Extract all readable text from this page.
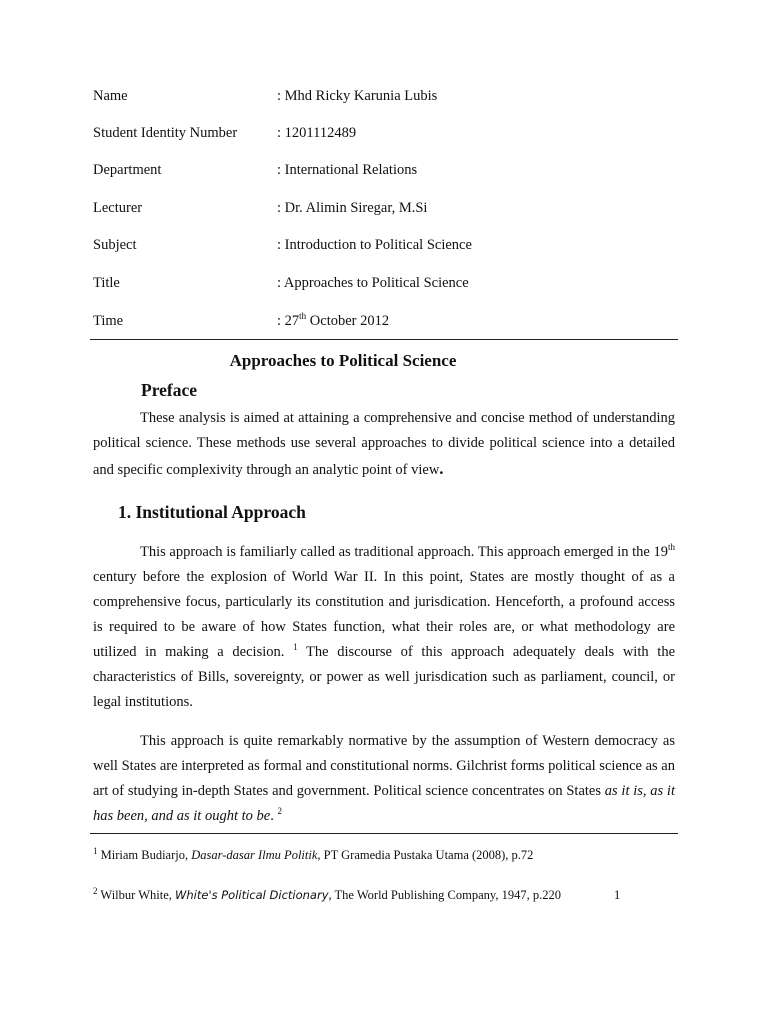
Name	: Mhd Ricky Karunia Lubis
Student Identity Number	: 1201112489
Department	: International Relations
Lecturer	: Dr. Alimin Siregar, M.Si
Subject	: Introduction to Political Science
Title	: Approaches to Political Science
Time	: 27th October 2012
Approaches to Political Science
Preface

These analysis is aimed at attaining a comprehensive and concise method of understanding political science. These methods use several approaches to divide political science into a detailed and specific complexivity through an analytic point of view.

1. Institutional Approach

This approach is familiarly called as traditional approach. This approach emerged in the 19th century before the explosion of World War II. In this point, States are mostly thought of as a comprehensive focus, particularly its constitution and jurisdication. Henceforth, a profound access is required to be aware of how States function, what their roles are, or what methodology are utilized in making a decision. $^1$ The discourse of this approach adequately deals with the characteristics of Bills, sovereignty, or power as well jurisdication such as parliament, council, or legal institutions.

This approach is quite remarkably normative by the assumption of Western democracy as well States are interpreted as formal and constitutional norms. Gilchrist forms political science as an art of studying in-depth States and government. Political science concentrates on States as it is, as it has been, and as it ought to be. $^2$

$^1$ Miriam Budiarjo, Dasar-dasar Ilmu Politik, PT Gramedia Pustaka Utama (2008), p.72
$^2$ Wilbur White, White's Political Dictionary, The World Publishing Company, 1947, p.220	1
